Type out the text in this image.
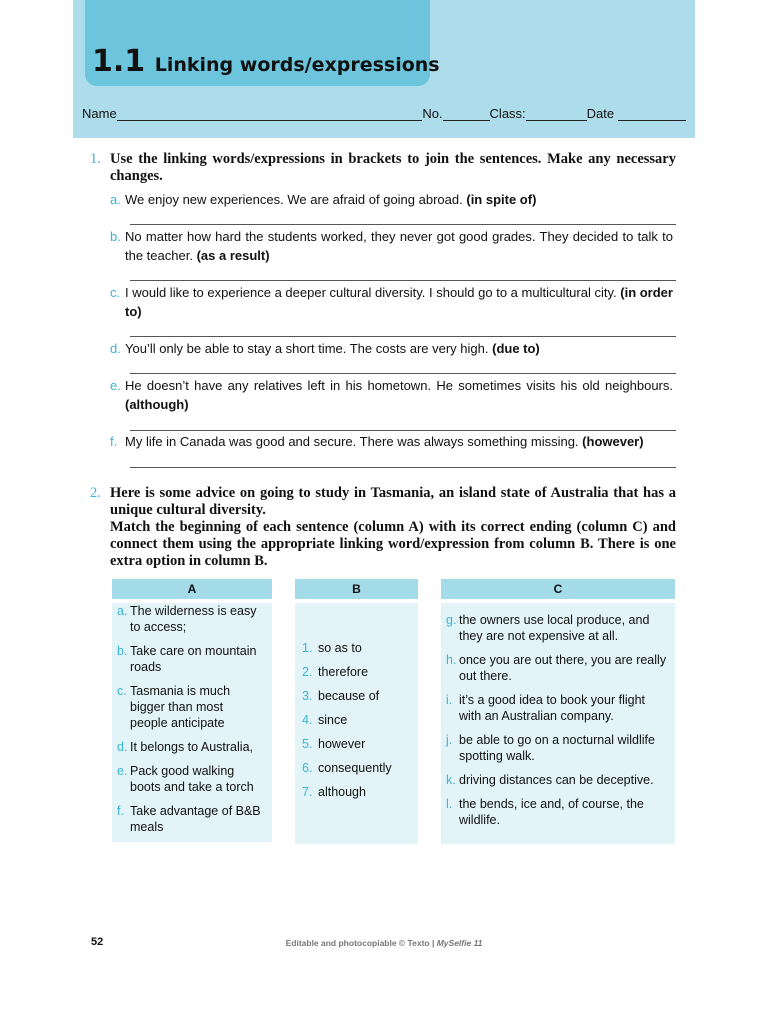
1.1 Linking words/expressions
Name	No.	Class:	Date
1. Use the linking words/expressions in brackets to join the sentences. Make any necessary changes.
a. We enjoy new experiences. We are afraid of going abroad. (in spite of)
b. No matter how hard the students worked, they never got good grades. They decided to talk to the teacher. (as a result)
c. I would like to experience a deeper cultural diversity. I should go to a multicultural city. (in order to)
d. You’ll only be able to stay a short time. The costs are very high. (due to)
e. He doesn’t have any relatives left in his hometown. He sometimes visits his old neighbours. (although)
f. My life in Canada was good and secure. There was always something missing. (however)
2. Here is some advice on going to study in Tasmania, an island state of Australia that has a unique cultural diversity.
Match the beginning of each sentence (column A) with its correct ending (column C) and connect them using the appropriate linking word/expression from column B. There is one extra option in column B.
A
a. The wilderness is easy to access;
b. Take care on mountain roads
c. Tasmania is much bigger than most people anticipate
d. It belongs to Australia,
e. Pack good walking boots and take a torch
f. Take advantage of B&B meals
B
1. so as to
2. therefore
3. because of
4. since
5. however
6. consequently
7. although
C
g. the owners use local produce, and they are not expensive at all.
h. once you are out there, you are really out there.
i. it’s a good idea to book your flight with an Australian company.
j. be able to go on a nocturnal wildlife spotting walk.
k. driving distances can be deceptive.
l. the bends, ice and, of course, the wildlife.
52	Editable and photocopiable © Texto | MySelfie 11
